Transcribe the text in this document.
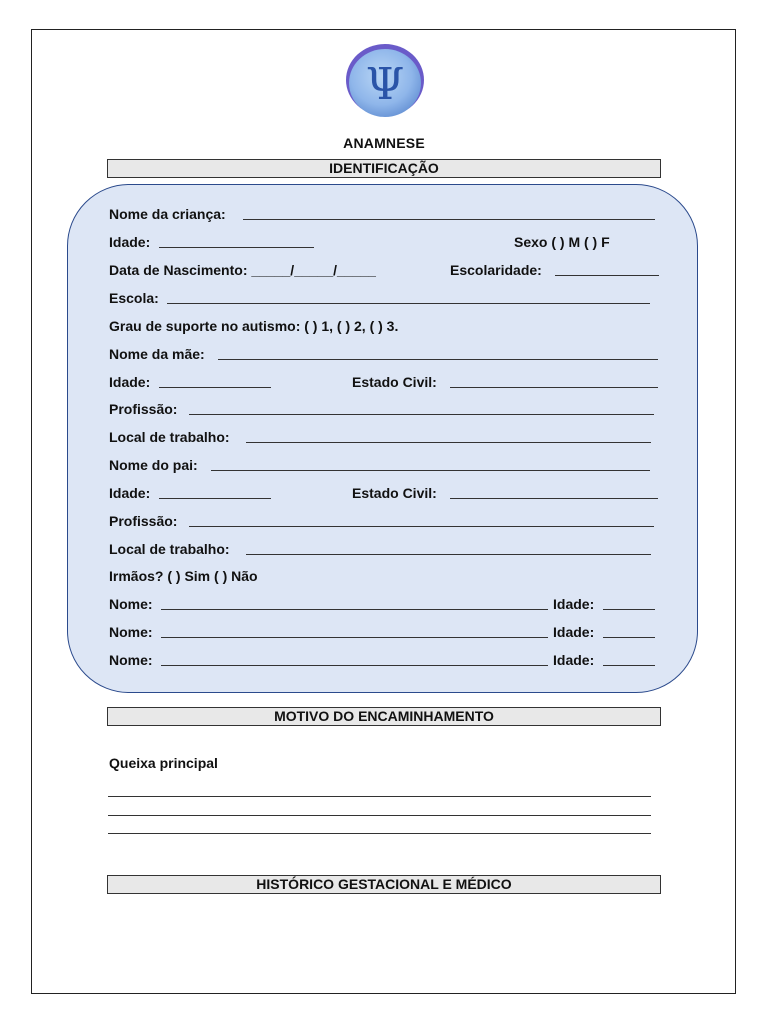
Ψ
ANAMNESE
IDENTIFICAÇÃO
Nome da criança:
Idade:	Sexo ( ) M ( ) F
Data de Nascimento: _____/_____/_____	Escolaridade:
Escola:
Grau de suporte no autismo: ( ) 1, ( ) 2, ( ) 3.
Nome da mãe:
Idade:	Estado Civil:
Profissão:
Local de trabalho:
Nome do pai:
Idade:	Estado Civil:
Profissão:
Local de trabalho:
Irmãos? ( ) Sim ( ) Não
Nome:	Idade:
Nome:	Idade:
Nome:	Idade:
MOTIVO DO ENCAMINHAMENTO
Queixa principal
HISTÓRICO GESTACIONAL E MÉDICO
